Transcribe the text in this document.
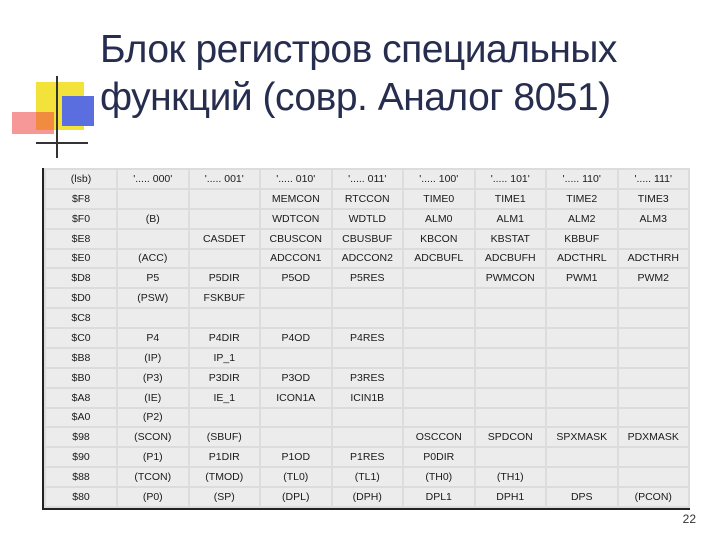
Блок регистров специальных
функций (совр. Аналог 8051)
(lsb)	'..... 000'	'..... 001'	'..... 010'	'..... 011'	'..... 100'	'..... 101'	'..... 110'	'..... 111'
$F8			MEMCON	RTCCON	TIME0	TIME1	TIME2	TIME3
$F0	(B)		WDTCON	WDTLD	ALM0	ALM1	ALM2	ALM3
$E8		CASDET	CBUSCON	CBUSBUF	KBCON	KBSTAT	KBBUF	
$E0	(ACC)		ADCCON1	ADCCON2	ADCBUFL	ADCBUFH	ADCTHRL	ADCTHRH
$D8	P5	P5DIR	P5OD	P5RES		PWMCON	PWM1	PWM2
$D0	(PSW)	FSKBUF						
$C8								
$C0	P4	P4DIR	P4OD	P4RES				
$B8	(IP)	IP_1						
$B0	(P3)	P3DIR	P3OD	P3RES				
$A8	(IE)	IE_1	ICON1A	ICIN1B				
$A0	(P2)							
$98	(SCON)	(SBUF)			OSCCON	SPDCON	SPXMASK	PDXMASK
$90	(P1)	P1DIR	P1OD	P1RES	P0DIR			
$88	(TCON)	(TMOD)	(TL0)	(TL1)	(TH0)	(TH1)		
$80	(P0)	(SP)	(DPL)	(DPH)	DPL1	DPH1	DPS	(PCON)
22
